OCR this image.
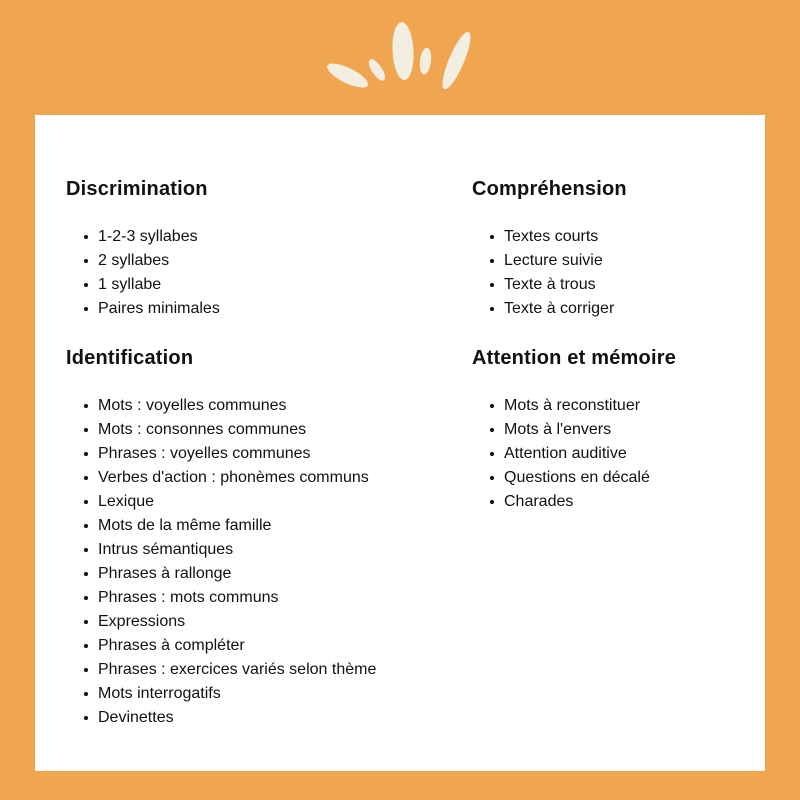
Discrimination
1-2-3 syllabes
2 syllabes
1 syllabe
Paires minimales
Identification
Mots : voyelles communes
Mots : consonnes communes
Phrases : voyelles communes
Verbes d'action : phonèmes communs
Lexique
Mots de la même famille
Intrus sémantiques
Phrases à rallonge
Phrases : mots communs
Expressions
Phrases à compléter
Phrases : exercices variés selon thème
Mots interrogatifs
Devinettes
Compréhension
Textes courts
Lecture suivie
Texte à trous
Texte à corriger
Attention et mémoire
Mots à reconstituer
Mots à l'envers
Attention auditive
Questions en décalé
Charades
